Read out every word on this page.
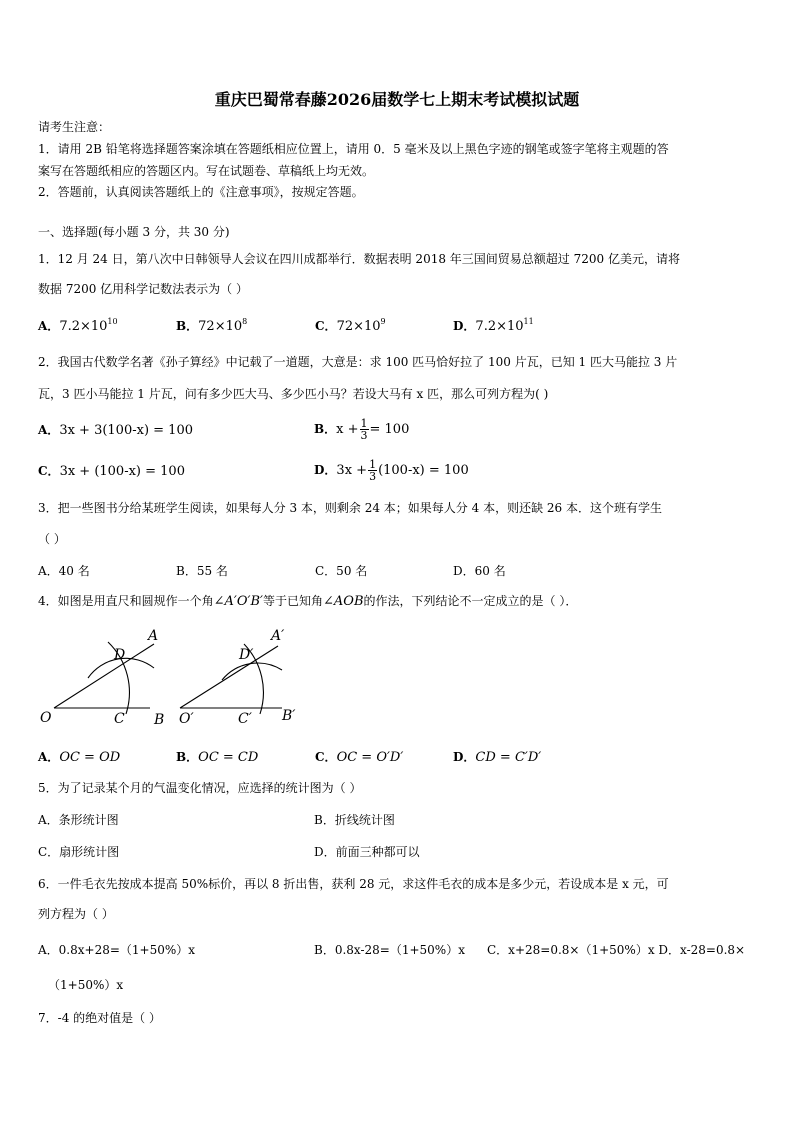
重庆巴蜀常春藤2026届数学七上期末考试模拟试题
请考生注意：
1．请用 2B 铅笔将选择题答案涂填在答题纸相应位置上，请用 0．5 毫米及以上黑色字迹的钢笔或签字笔将主观题的答
案写在答题纸相应的答题区内。写在试题卷、草稿纸上均无效。
2．答题前，认真阅读答题纸上的《注意事项》，按规定答题。
一、选择题(每小题 3 分，共 30 分)
1．12 月 24 日，第八次中日韩领导人会议在四川成都举行．数据表明 2018 年三国间贸易总额超过 7200 亿美元，请将
数据 7200 亿用科学记数法表示为（ ）
A．$7.2\times 10^{10}$	B．$72\times 10^8$	C．$72\times 10^9$	D．$7.2\times 10^{11}$
2．我国古代数学名著《孙子算经》中记载了一道题，大意是：求 100 匹马恰好拉了 100 片瓦，已知 1 匹大马能拉 3 片
瓦，3 匹小马能拉 1 片瓦，问有多少匹大马、多少匹小马？若设大马有 x 匹，那么可列方程为( )
A．3x + 3(100-x) = 100	B．$x + \frac{1}{3} = 100$
C．3x + (100-x) = 100	D．$3x + \frac{1}{3} (100-x) = 100$
3．把一些图书分给某班学生阅读，如果每人分 3 本，则剩余 24 本；如果每人分 4 本，则还缺 26 本．这个班有学生
（ ）
A．40 名	B．55 名	C．50 名	D．60 名
4．如图是用直尺和圆规作一个角∠A′O′B′等于已知角∠AOB的作法，下列结论不一定成立的是（ ）．
O	C B
D
A
O′	C′ B′
D′
A′
A．OC = OD	B．OC = CD	C．OC = O′D′	D．CD = C′D′
5．为了记录某个月的气温变化情况，应选择的统计图为（ ）
A．条形统计图	B．折线统计图
C．扇形统计图	D．前面三种都可以
6．一件毛衣先按成本提高 50%标价，再以 8 折出售，获利 28 元，求这件毛衣的成本是多少元，若设成本是 x 元，可
列方程为（ ）
A．0.8x+28=（1+50%）x	B．0.8x-28=（1+50%）x C．x+28=0.8×（1+50%）x D．x-28=0.8×
（1+50%）x
7．-4 的绝对值是（ ）
